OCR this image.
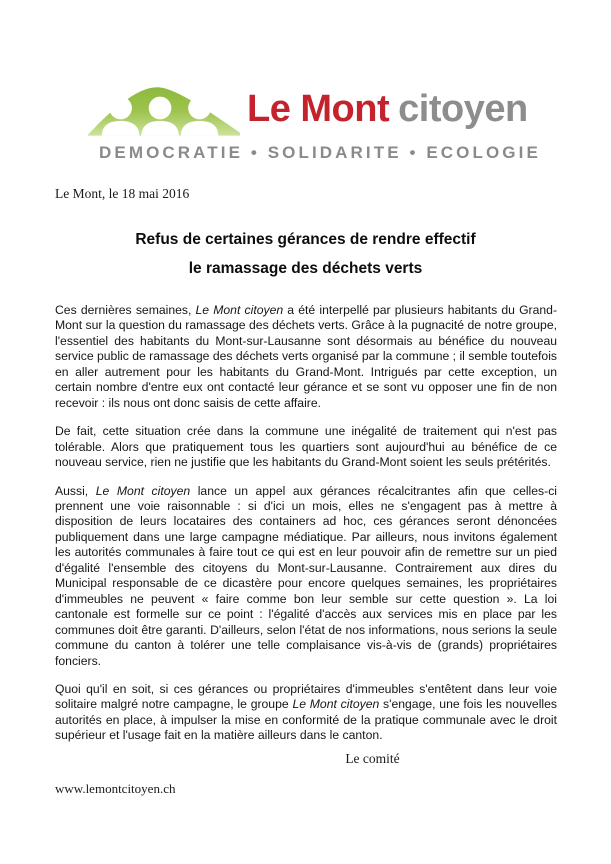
Le Mont citoyen
DEMOCRATIE • SOLIDARITE • ECOLOGIE
Le Mont, le 18 mai 2016
Refus de certaines gérances de rendre effectif
le ramassage des déchets verts

Ces dernières semaines, Le Mont citoyen a été interpellé par plusieurs habitants du Grand-Mont sur la question du ramassage des déchets verts. Grâce à la pugnacité de notre groupe, l'essentiel des habitants du Mont-sur-Lausanne sont désormais au bénéfice du nouveau service public de ramassage des déchets verts organisé par la commune ; il semble toutefois en aller autrement pour les habitants du Grand-Mont. Intrigués par cette exception, un certain nombre d'entre eux ont contacté leur gérance et se sont vu opposer une fin de non recevoir : ils nous ont donc saisis de cette affaire.

De fait, cette situation crée dans la commune une inégalité de traitement qui n'est pas tolérable. Alors que pratiquement tous les quartiers sont aujourd'hui au bénéfice de ce nouveau service, rien ne justifie que les habitants du Grand-Mont soient les seuls prétérités.

Aussi, Le Mont citoyen lance un appel aux gérances récalcitrantes afin que celles-ci prennent une voie raisonnable : si d'ici un mois, elles ne s'engagent pas à mettre à disposition de leurs locataires des containers ad hoc, ces gérances seront dénoncées publiquement dans une large campagne médiatique. Par ailleurs, nous invitons également les autorités communales à faire tout ce qui est en leur pouvoir afin de remettre sur un pied d'égalité l'ensemble des citoyens du Mont-sur-Lausanne. Contrairement aux dires du Municipal responsable de ce dicastère pour encore quelques semaines, les propriétaires d'immeubles ne peuvent « faire comme bon leur semble sur cette question ». La loi cantonale est formelle sur ce point : l'égalité d'accès aux services mis en place par les communes doit être garanti. D'ailleurs, selon l'état de nos informations, nous serions la seule commune du canton à tolérer une telle complaisance vis-à-vis de (grands) propriétaires fonciers.

Quoi qu'il en soit, si ces gérances ou propriétaires d'immeubles s'entêtent dans leur voie solitaire malgré notre campagne, le groupe Le Mont citoyen s'engage, une fois les nouvelles autorités en place, à impulser la mise en conformité de la pratique communale avec le droit supérieur et l'usage fait en la matière ailleurs dans le canton.

Le comité
www.lemontcitoyen.ch
